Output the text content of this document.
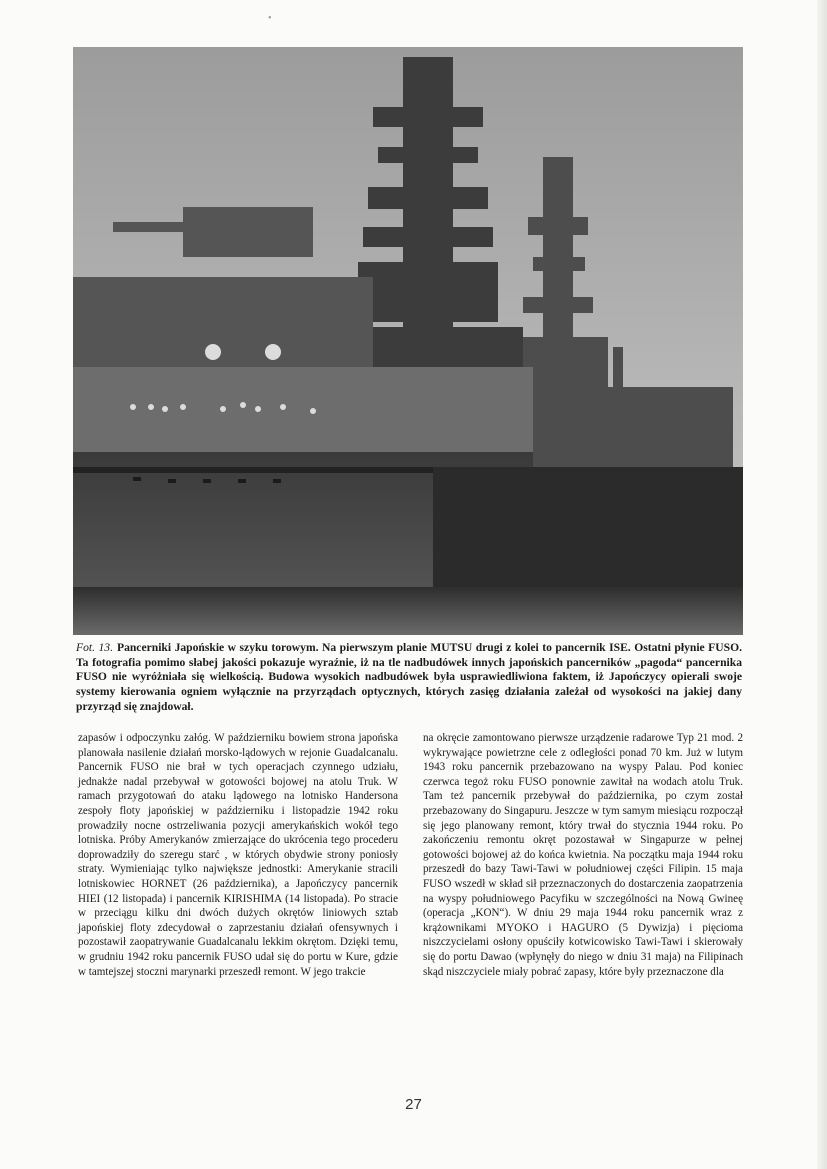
•
Fot. 13. Pancerniki Japońskie w szyku torowym. Na pierwszym planie MUTSU drugi z kolei to pancernik ISE. Ostatni płynie FUSO. Ta fotografia pomimo słabej jakości pokazuje wyraźnie, iż na tle nadbudówek innych japońskich pancerników „pagoda“ pancernika FUSO nie wyróżniała się wielkością. Budowa wysokich nadbudówek była usprawiedliwiona faktem, iż Japończycy opierali swoje systemy kierowania ogniem wyłącznie na przyrządach optycznych, których zasięg działania zależał od wysokości na jakiej dany przyrząd się znajdował.

zapasów i odpoczynku załóg. W październiku bowiem strona japońska planowała nasilenie działań morsko-lądowych w rejonie Guadalcanalu. Pancernik FUSO nie brał w tych operacjach czynnego udziału, jednakże nadal przebywał w gotowości bojowej na atolu Truk. W ramach przygotowań do ataku lądowego na lotnisko Handersona zespoły floty japońskiej w październiku i listopadzie 1942 roku prowadziły nocne ostrzeliwania pozycji amerykańskich wokół tego lotniska. Próby Amerykanów zmierzające do ukrócenia tego procederu doprowadziły do szeregu starć , w których obydwie strony poniosły straty. Wymieniając tylko największe jednostki: Amerykanie stracili lotniskowiec HORNET (26 października), a Japończycy pancernik HIEI (12 listopada) i pancernik KIRISHIMA (14 listopada). Po stracie w przeciągu kilku dni dwóch dużych okrętów liniowych sztab japońskiej floty zdecydował o zaprzestaniu działań ofensywnych i pozostawił zaopatrywanie Guadalcanalu lekkim okrętom. Dzięki temu, w grudniu 1942 roku pancernik FUSO udał się do portu w Kure, gdzie w tamtejszej stoczni marynarki przeszedł remont. W jego trakcie

na okręcie zamontowano pierwsze urządzenie radarowe Typ 21 mod. 2 wykrywające powietrzne cele z odległości ponad 70 km. Już w lutym 1943 roku pancernik przebazowano na wyspy Palau. Pod koniec czerwca tegoż roku FUSO ponownie zawitał na wodach atolu Truk. Tam też pancernik przebywał do października, po czym został przebazowany do Singapuru. Jeszcze w tym samym miesiącu rozpoczął się jego planowany remont, który trwał do stycznia 1944 roku. Po zakończeniu remontu okręt pozostawał w Singapurze w pełnej gotowości bojowej aż do końca kwietnia. Na początku maja 1944 roku przeszedł do bazy Tawi-Tawi w południowej części Filipin. 15 maja FUSO wszedł w skład sił przeznaczonych do dostarczenia zaopatrzenia na wyspy południowego Pacyfiku w szczególności na Nową Gwineę (operacja „KON“). W dniu 29 maja 1944 roku pancernik wraz z krążownikami MYOKO i HAGURO (5 Dywizja) i pięcioma niszczycielami osłony opuściły kotwicowisko Tawi-Tawi i skierowały się do portu Dawao (wpłynęły do niego w dniu 31 maja) na Filipinach skąd niszczyciele miały pobrać zapasy, które były przeznaczone dla

27
